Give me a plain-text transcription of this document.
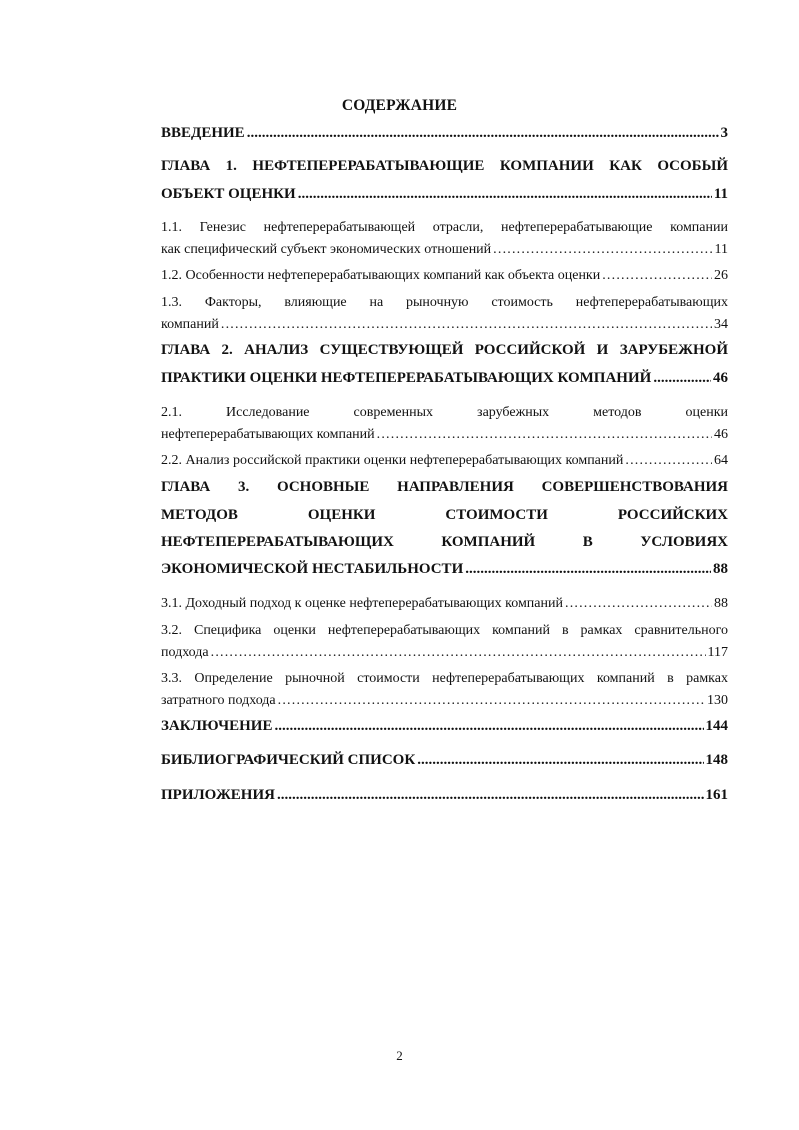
СОДЕРЖАНИЕ
ВВЕДЕНИЕ .....	3
ГЛАВА 1. НЕФТЕПЕРЕРАБАТЫВАЮЩИЕ КОМПАНИИ КАК ОСОБЫЙ
ОБЪЕКТ ОЦЕНКИ .....	11
1.1. Генезис нефтеперерабатывающей отрасли, нефтеперерабатывающие компании
как специфический субъект экономических отношений .....	11
1.2. Особенности нефтеперерабатывающих компаний как объекта оценки .....	26
1.3. Факторы, влияющие на рыночную стоимость нефтеперерабатывающих
компаний .....	34
ГЛАВА 2. АНАЛИЗ СУЩЕСТВУЮЩЕЙ РОССИЙСКОЙ И ЗАРУБЕЖНОЙ
ПРАКТИКИ ОЦЕНКИ НЕФТЕПЕРЕРАБАТЫВАЮЩИХ КОМПАНИЙ .....	46
2.1. Исследование современных зарубежных методов оценки
нефтеперерабатывающих компаний .....	46
2.2. Анализ российской практики оценки нефтеперерабатывающих компаний .....	64
ГЛАВА 3. ОСНОВНЫЕ НАПРАВЛЕНИЯ СОВЕРШЕНСТВОВАНИЯ
МЕТОДОВ ОЦЕНКИ СТОИМОСТИ РОССИЙСКИХ
НЕФТЕПЕРЕРАБАТЫВАЮЩИХ КОМПАНИЙ В УСЛОВИЯХ
ЭКОНОМИЧЕСКОЙ НЕСТАБИЛЬНОСТИ .....	88
3.1. Доходный подход к оценке нефтеперерабатывающих компаний .....	88
3.2. Специфика оценки нефтеперерабатывающих компаний в рамках сравнительного
подхода .....	117
3.3. Определение рыночной стоимости нефтеперерабатывающих компаний в рамках
затратного подхода .....	130
ЗАКЛЮЧЕНИЕ .....	144
БИБЛИОГРАФИЧЕСКИЙ СПИСОК .....	148
ПРИЛОЖЕНИЯ .....	161
2
